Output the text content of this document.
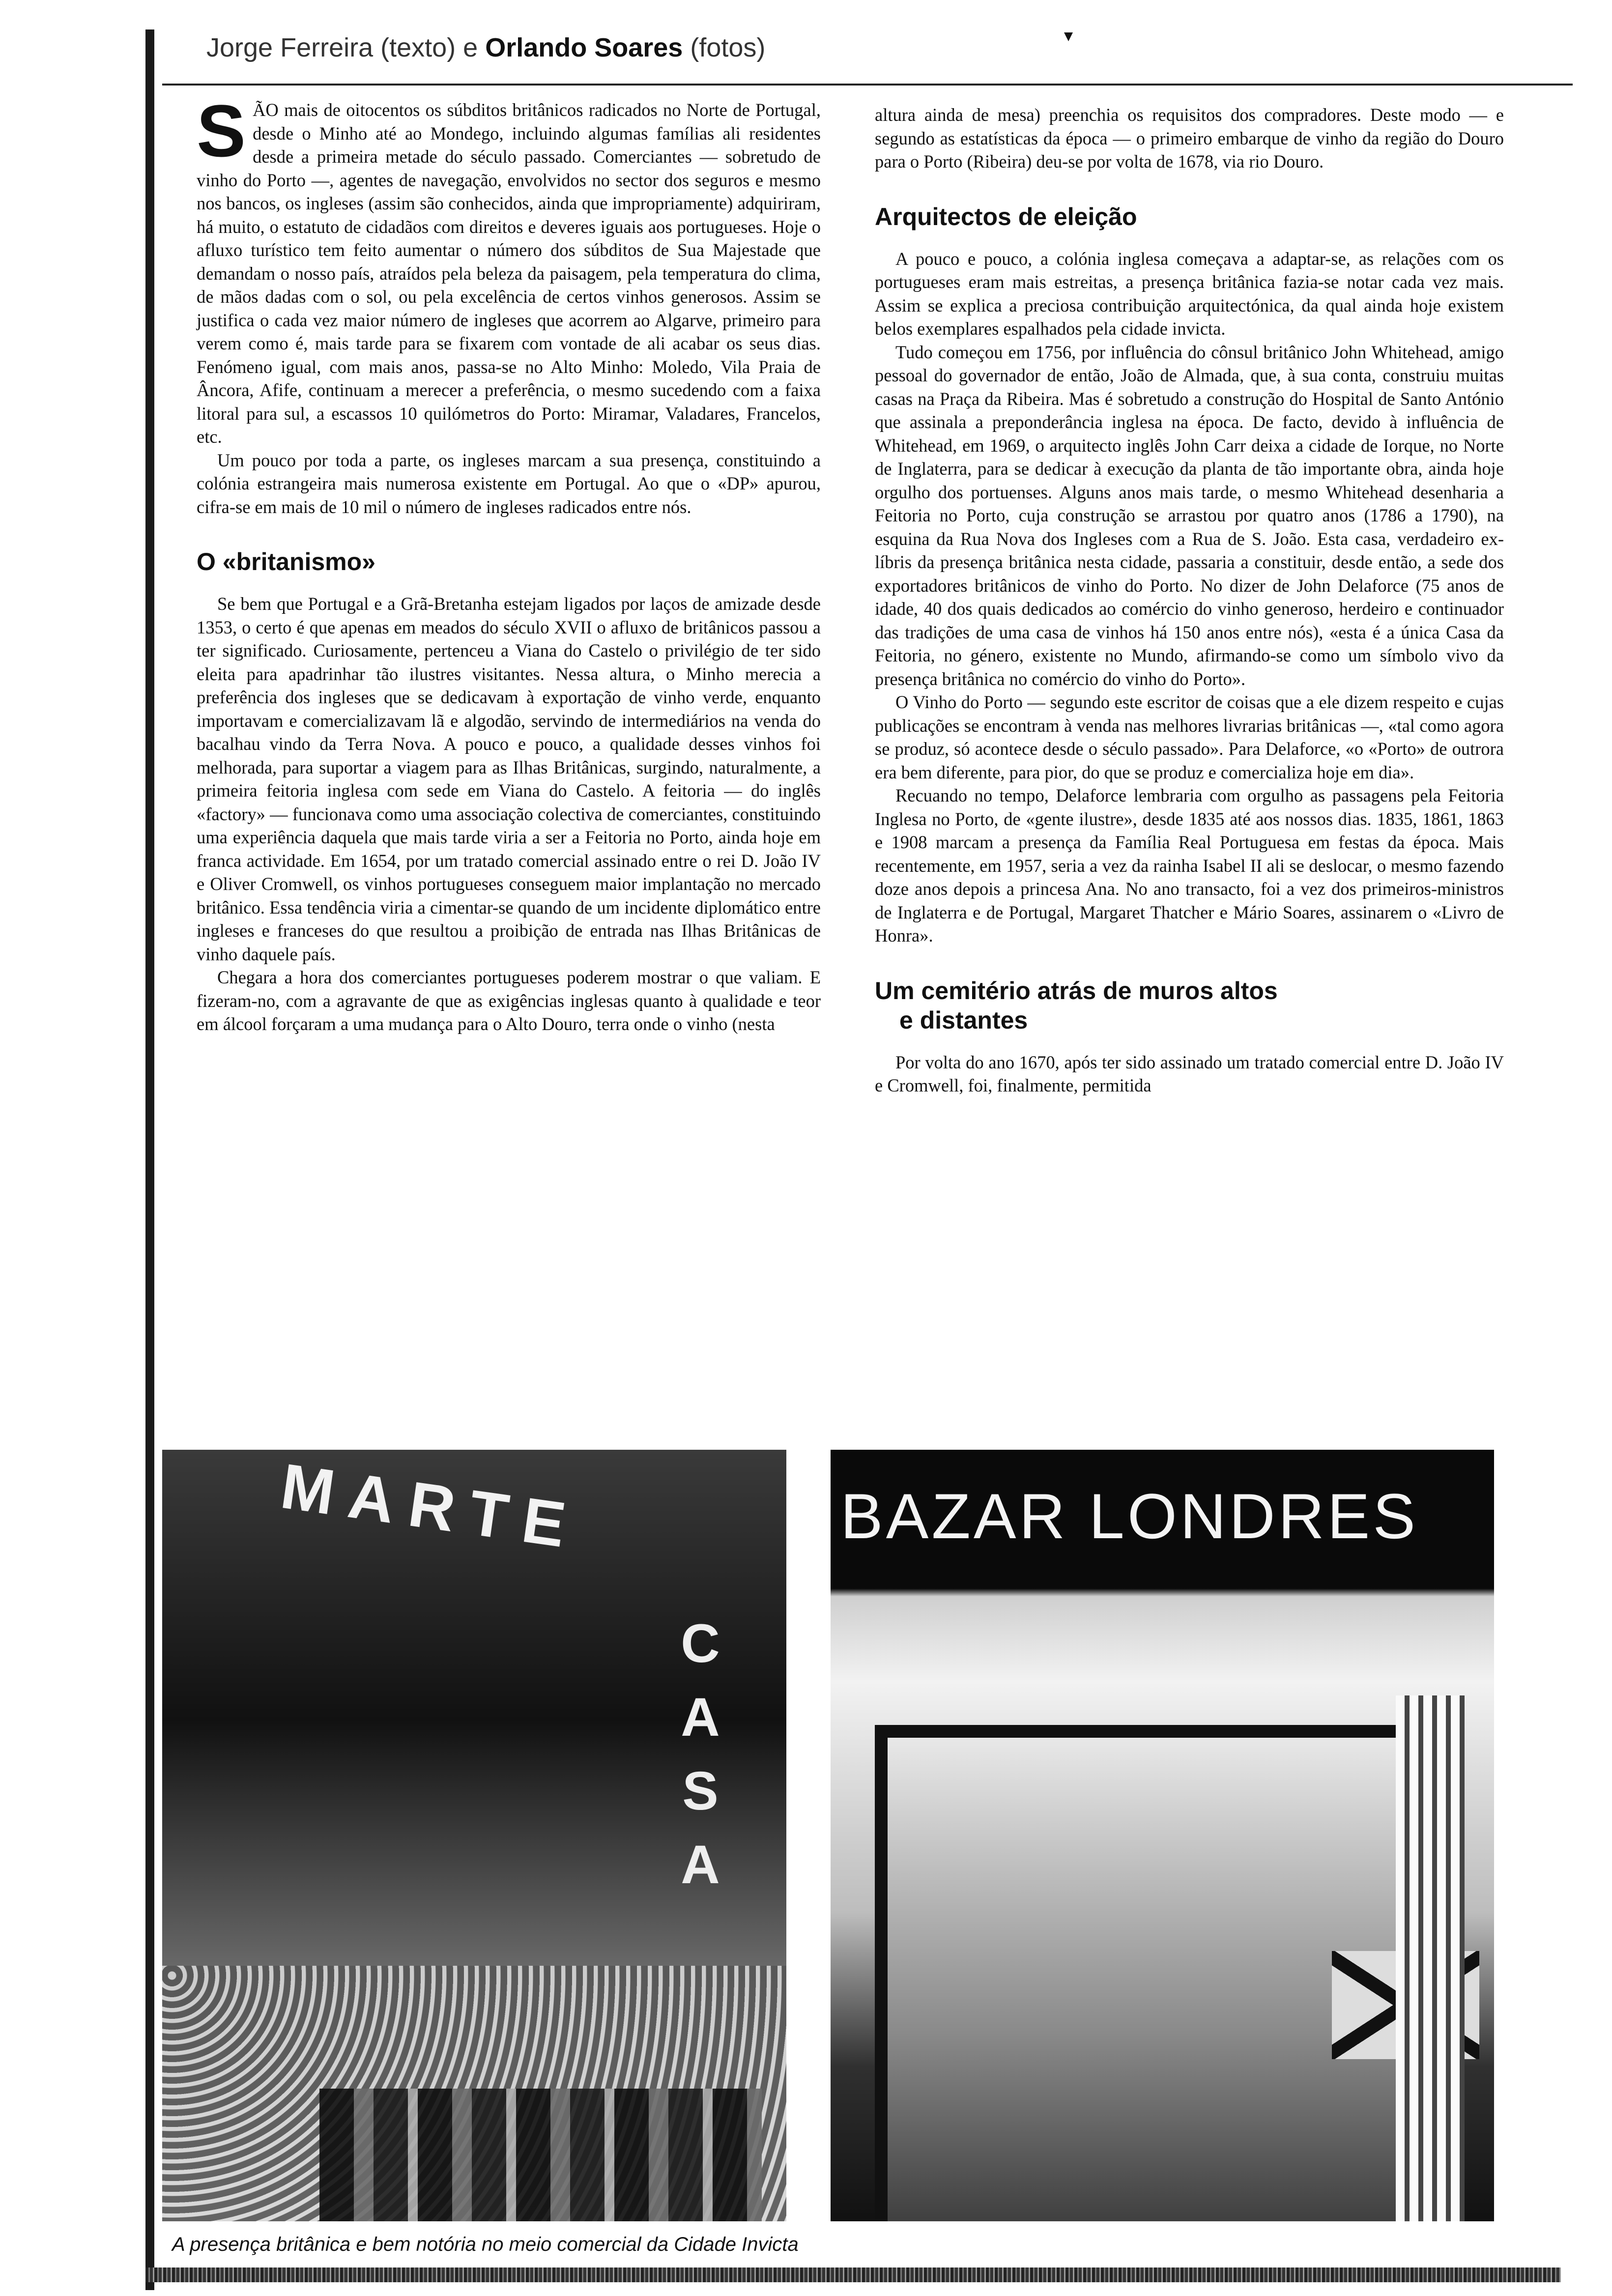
Jorge Ferreira (texto) e Orlando Soares (fotos)

SÃO mais de oitocentos os súbditos britânicos radicados no Norte de Portugal, desde o Minho até ao Mondego, incluindo algumas famílias ali residentes desde a primeira metade do século passado. Comerciantes — sobretudo de vinho do Porto —, agentes de navegação, envolvidos no sector dos seguros e mesmo nos bancos, os ingleses (assim são conhecidos, ainda que impropriamente) adquiriram, há muito, o estatuto de cidadãos com direitos e deveres iguais aos portugueses. Hoje o afluxo turístico tem feito aumentar o número dos súbditos de Sua Majestade que demandam o nosso país, atraídos pela beleza da paisagem, pela temperatura do clima, de mãos dadas com o sol, ou pela excelência de certos vinhos generosos. Assim se justifica o cada vez maior número de ingleses que acorrem ao Algarve, primeiro para verem como é, mais tarde para se fixarem com vontade de ali acabar os seus dias. Fenómeno igual, com mais anos, passa-se no Alto Minho: Moledo, Vila Praia de Âncora, Afife, continuam a merecer a preferência, o mesmo sucedendo com a faixa litoral para sul, a escassos 10 quilómetros do Porto: Miramar, Valadares, Francelos, etc.

Um pouco por toda a parte, os ingleses marcam a sua presença, constituindo a colónia estrangeira mais numerosa existente em Portugal. Ao que o «DP» apurou, cifra-se em mais de 10 mil o número de ingleses radicados entre nós.

O «britanismo»

Se bem que Portugal e a Grã-Bretanha estejam ligados por laços de amizade desde 1353, o certo é que apenas em meados do século XVII o afluxo de britânicos passou a ter significado. Curiosamente, pertenceu a Viana do Castelo o privilégio de ter sido eleita para apadrinhar tão ilustres visitantes. Nessa altura, o Minho merecia a preferência dos ingleses que se dedicavam à exportação de vinho verde, enquanto importavam e comercializavam lã e algodão, servindo de intermediários na venda do bacalhau vindo da Terra Nova. A pouco e pouco, a qualidade desses vinhos foi melhorada, para suportar a viagem para as Ilhas Britânicas, surgindo, naturalmente, a primeira feitoria inglesa com sede em Viana do Castelo. A feitoria — do inglês «factory» — funcionava como uma associação colectiva de comerciantes, constituindo uma experiência daquela que mais tarde viria a ser a Feitoria no Porto, ainda hoje em franca actividade. Em 1654, por um tratado comercial assinado entre o rei D. João IV e Oliver Cromwell, os vinhos portugueses conseguem maior implantação no mercado britânico. Essa tendência viria a cimentar-se quando de um incidente diplomático entre ingleses e franceses do que resultou a proibição de entrada nas Ilhas Britânicas de vinho daquele país.

Chegara a hora dos comerciantes portugueses poderem mostrar o que valiam. E fizeram-no, com a agravante de que as exigências inglesas quanto à qualidade e teor em álcool forçaram a uma mudança para o Alto Douro, terra onde o vinho (nesta

altura ainda de mesa) preenchia os requisitos dos compradores. Deste modo — e segundo as estatísticas da época — o primeiro embarque de vinho da região do Douro para o Porto (Ribeira) deu-se por volta de 1678, via rio Douro.

Arquitectos de eleição

A pouco e pouco, a colónia inglesa começava a adaptar-se, as relações com os portugueses eram mais estreitas, a presença britânica fazia-se notar cada vez mais. Assim se explica a preciosa contribuição arquitectónica, da qual ainda hoje existem belos exemplares espalhados pela cidade invicta.

Tudo começou em 1756, por influência do cônsul britânico John Whitehead, amigo pessoal do governador de então, João de Almada, que, à sua conta, construiu muitas casas na Praça da Ribeira. Mas é sobretudo a construção do Hospital de Santo António que assinala a preponderância inglesa na época. De facto, devido à influência de Whitehead, em 1969, o arquitecto inglês John Carr deixa a cidade de Iorque, no Norte de Inglaterra, para se dedicar à execução da planta de tão importante obra, ainda hoje orgulho dos portuenses. Alguns anos mais tarde, o mesmo Whitehead desenharia a Feitoria no Porto, cuja construção se arrastou por quatro anos (1786 a 1790), na esquina da Rua Nova dos Ingleses com a Rua de S. João. Esta casa, verdadeiro ex-líbris da presença britânica nesta cidade, passaria a constituir, desde então, a sede dos exportadores britânicos de vinho do Porto. No dizer de John Delaforce (75 anos de idade, 40 dos quais dedicados ao comércio do vinho generoso, herdeiro e continuador das tradições de uma casa de vinhos há 150 anos entre nós), «esta é a única Casa da Feitoria, no género, existente no Mundo, afirmando-se como um símbolo vivo da presença britânica no comércio do vinho do Porto».

O Vinho do Porto — segundo este escritor de coisas que a ele dizem respeito e cujas publicações se encontram à venda nas melhores livrarias britânicas —, «tal como agora se produz, só acontece desde o século passado». Para Delaforce, «o «Porto» de outrora era bem diferente, para pior, do que se produz e comercializa hoje em dia».

Recuando no tempo, Delaforce lembraria com orgulho as passagens pela Feitoria Inglesa no Porto, de «gente ilustre», desde 1835 até aos nossos dias. 1835, 1861, 1863 e 1908 marcam a presença da Família Real Portuguesa em festas da época. Mais recentemente, em 1957, seria a vez da rainha Isabel II ali se deslocar, o mesmo fazendo doze anos depois a princesa Ana. No ano transacto, foi a vez dos primeiros-ministros de Inglaterra e de Portugal, Margaret Thatcher e Mário Soares, assinarem o «Livro de Honra».

Um cemitério atrás de muros altos
e distantes

Por volta do ano 1670, após ter sido assinado um tratado comercial entre D. João IV e Cromwell, foi, finalmente, permitida

MARTE
CASA
BAZAR LONDRES
A presença britânica e bem notória no meio comercial da Cidade Invicta
